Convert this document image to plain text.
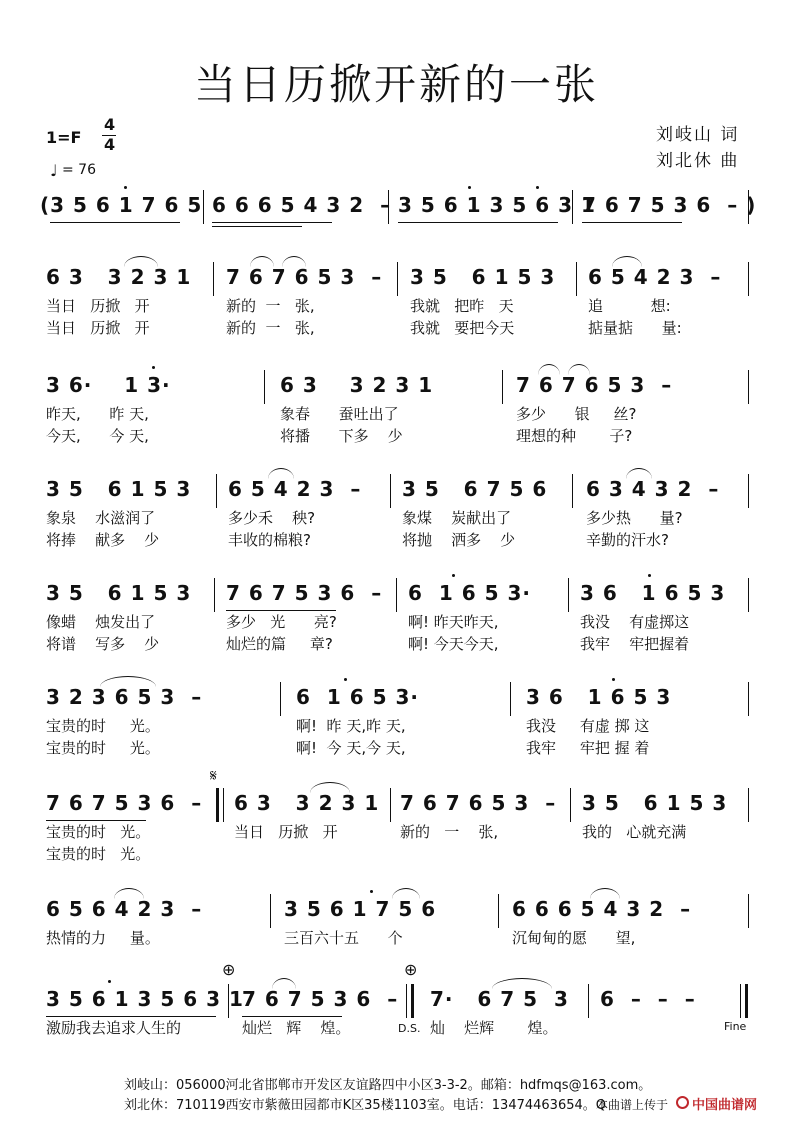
当日历掀开新的一张
1=F
4
4
♩ = 76
刘岐山 词
刘北休 曲
(3 5 6 1 7 6 5 6 6 6 5 4 3 2  – 3 5 6 1 3 5 6 3 1
7 6 7 5 3 6  – )
6 3   3 2 3 1 7 6 7 6 5 3  – 3 5   6 1 5 3 6 5 4 2 3  –
当日   历掀   开	新的  一   张,	我就   把昨   天	追          想:
当日   历掀   开	新的  一   张,	我就   要把今天	掂量掂      量:
3 6·    1 3·	6 3    3 2 3 1	7 6 7 6 5 3  –
昨天,      昨 天,	象春      蚕吐出了	多少      银     丝?
今天,      今 天,	将播      下多    少	理想的种       子?
3 5   6 1 5 3 6 5 4 2 3  – 3 5   6 7 5 6 6 3 4 3 2  –
象泉    水滋润了	多少禾    秧?	象煤    炭献出了	多少热      量?
将捧    献多    少	丰收的棉粮?	将抛    洒多    少	辛勤的汗水?
3 5   6 1 5 3 7 6 7 5 3 6  – 6  1 6 5 3· 3 6   1 6 5 3
像蜡    烛发出了	多少   光      亮?	啊! 昨天昨天,	我没    有虚掷这
将谱    写多    少	灿烂的篇     章?	啊! 今天今天,	我牢    牢把握着
3 2 3 6 5 3  –	6  1 6 5 3·	3 6   1 6 5 3
宝贵的时     光。	啊!  昨 天,昨 天,	我没     有虚 掷 这
宝贵的时     光。	啊!  今 天,今 天,	我牢     牢把 握 着
𝄋
7 6 7 5 3 6  – 6 3   3 2 3 1 7 6 7 6 5 3  – 3 5   6 1 5 3
宝贵的时   光。	当日   历掀   开	新的   一    张,	我的   心就充满
宝贵的时   光。
6 5 6 4 2 3  –	3 5 6 1 7 5 6	6 6 6 5 4 3 2  –
热情的力     量。	三百六十五      个	沉甸甸的愿      望,
⊕	⊕
3 5 6 1 3 5 6 3 1
7 6 7 5 3 6  – 7·   6 7 5  3 6  –  –  –
激励我去追求人生的	灿烂   辉    煌。	D.S. 灿    烂辉       煌。	Fine
刘岐山：056000河北省邯郸市开发区友谊路四中小区3-3-2。邮箱：hdfmqs@163.com。
刘北休：710119西安市紫薇田园都市K区35楼1103室。电话：13474463654。Q
本曲谱上传于 中国曲谱网
